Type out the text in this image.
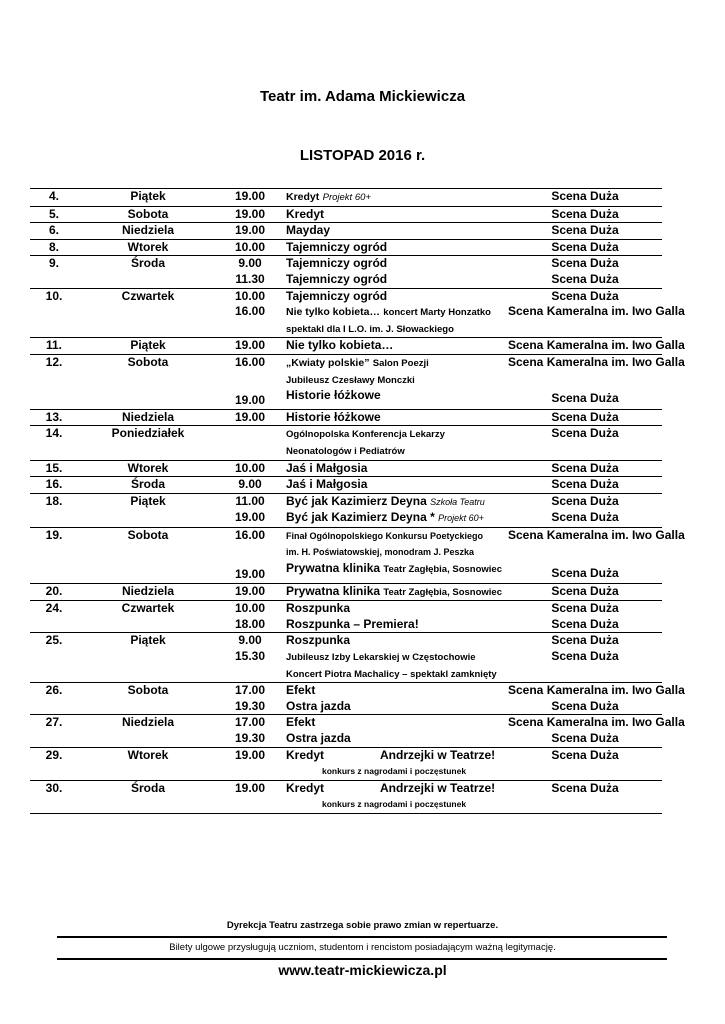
Teatr im. Adama Mickiewicza
LISTOPAD 2016 r.
4.	Piątek	19.00	Kredyt Projekt 60+	Scena Duża
5.	Sobota	19.00	Kredyt	Scena Duża
6.	Niedziela	19.00	Mayday	Scena Duża
8.	Wtorek	10.00	Tajemniczy ogród	Scena Duża
9.	Środa	9.00	Tajemniczy ogród	Scena Duża
		11.30	Tajemniczy ogród	Scena Duża
10.	Czwartek	10.00	Tajemniczy ogród	Scena Duża
		16.00	Nie tylko kobieta… koncert Marty Honzatko
spektakl dla I L.O. im. J. Słowackiego	Scena Kameralna im. Iwo Galla
11.	Piątek	19.00	Nie tylko kobieta…	Scena Kameralna im. Iwo Galla
12.	Sobota	16.00	„Kwiaty polskie” Salon Poezji
Jubileusz Czesławy Monczki	Scena Kameralna im. Iwo Galla
		19.00	Historie łóżkowe	Scena Duża
13.	Niedziela	19.00	Historie łóżkowe	Scena Duża
14.	Poniedziałek		Ogólnopolska Konferencja Lekarzy
Neonatologów i Pediatrów	Scena Duża
15.	Wtorek	10.00	Jaś i Małgosia	Scena Duża
16.	Środa	9.00	Jaś i Małgosia	Scena Duża
18.	Piątek	11.00	Być jak Kazimierz Deyna Szkoła Teatru	Scena Duża
		19.00	Być jak Kazimierz Deyna * Projekt 60+	Scena Duża
19.	Sobota	16.00	Finał Ogólnopolskiego Konkursu Poetyckiego
im. H. Poświatowskiej, monodram J. Peszka	Scena Kameralna im. Iwo Galla
		19.00	Prywatna klinika Teatr Zagłębia, Sosnowiec	Scena Duża
20.	Niedziela	19.00	Prywatna klinika Teatr Zagłębia, Sosnowiec	Scena Duża
24.	Czwartek	10.00	Roszpunka	Scena Duża
		18.00	Roszpunka – Premiera!	Scena Duża
25.	Piątek	9.00	Roszpunka	Scena Duża
		15.30	Jubileusz Izby Lekarskiej w Częstochowie
Koncert Piotra Machalicy – spektakl zamknięty	Scena Duża
26.	Sobota	17.00	Efekt	Scena Kameralna im. Iwo Galla
		19.30	Ostra jazda	Scena Duża
27.	Niedziela	17.00	Efekt	Scena Kameralna im. Iwo Galla
		19.30	Ostra jazda	Scena Duża
29.	Wtorek	19.00	Kredyt Andrzejki w Teatrze!
konkurs z nagrodami i poczęstunek	Scena Duża
30.	Środa	19.00	Kredyt Andrzejki w Teatrze!
konkurs z nagrodami i poczęstunek	Scena Duża
Dyrekcja Teatru zastrzega sobie prawo zmian w repertuarze.
Bilety ulgowe przysługują uczniom, studentom i rencistom posiadającym ważną legitymację.
www.teatr-mickiewicza.pl
